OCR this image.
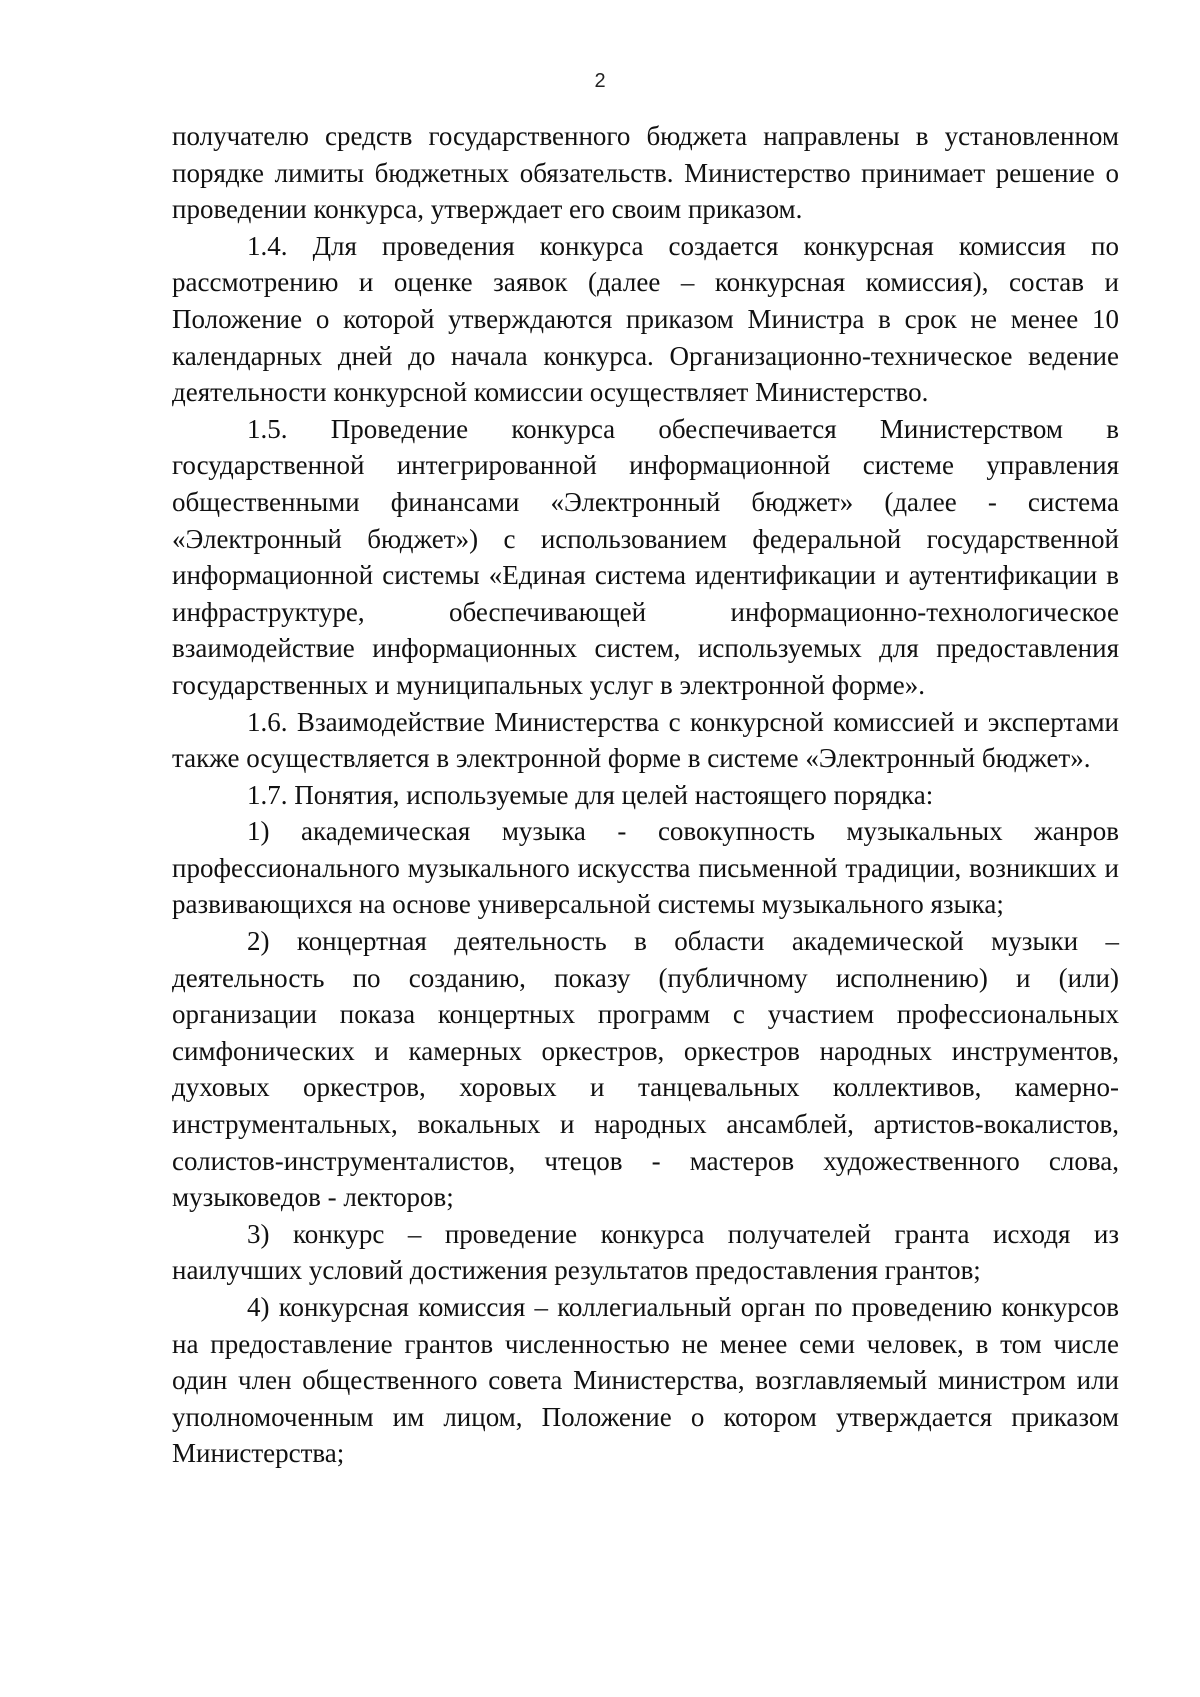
2

получателю средств государственного бюджета направлены в установленном порядке лимиты бюджетных обязательств. Министерство принимает решение о проведении конкурса, утверждает его своим приказом.

1.4. Для проведения конкурса создается конкурсная комиссия по рассмотрению и оценке заявок (далее – конкурсная комиссия), состав и Положение о которой утверждаются приказом Министра в срок не менее 10 календарных дней до начала конкурса. Организационно-техническое ведение деятельности конкурсной комиссии осуществляет Министерство.

1.5. Проведение конкурса обеспечивается Министерством в государственной интегрированной информационной системе управления общественными финансами «Электронный бюджет» (далее - система «Электронный бюджет») с использованием федеральной государственной информационной системы «Единая система идентификации и аутентификации в инфраструктуре, обеспечивающей информационно-технологическое взаимодействие информационных систем, используемых для предоставления государственных и муниципальных услуг в электронной форме».

1.6. Взаимодействие Министерства с конкурсной комиссией и экспертами также осуществляется в электронной форме в системе «Электронный бюджет».

1.7. Понятия, используемые для целей настоящего порядка:

1) академическая музыка - совокупность музыкальных жанров профессионального музыкального искусства письменной традиции, возникших и развивающихся на основе универсальной системы музыкального языка;

2) концертная деятельность в области академической музыки – деятельность по созданию, показу (публичному исполнению) и (или) организации показа концертных программ с участием профессиональных симфонических и камерных оркестров, оркестров народных инструментов, духовых оркестров, хоровых и танцевальных коллективов, камерно-инструментальных, вокальных и народных ансамблей, артистов-вокалистов, солистов-инструменталистов, чтецов - мастеров художественного слова, музыковедов - лекторов;

3) конкурс – проведение конкурса получателей гранта исходя из наилучших условий достижения результатов предоставления грантов;

4) конкурсная комиссия – коллегиальный орган по проведению конкурсов на предоставление грантов численностью не менее семи человек, в том числе один член общественного совета Министерства, возглавляемый министром или уполномоченным им лицом, Положение о котором утверждается приказом Министерства;
